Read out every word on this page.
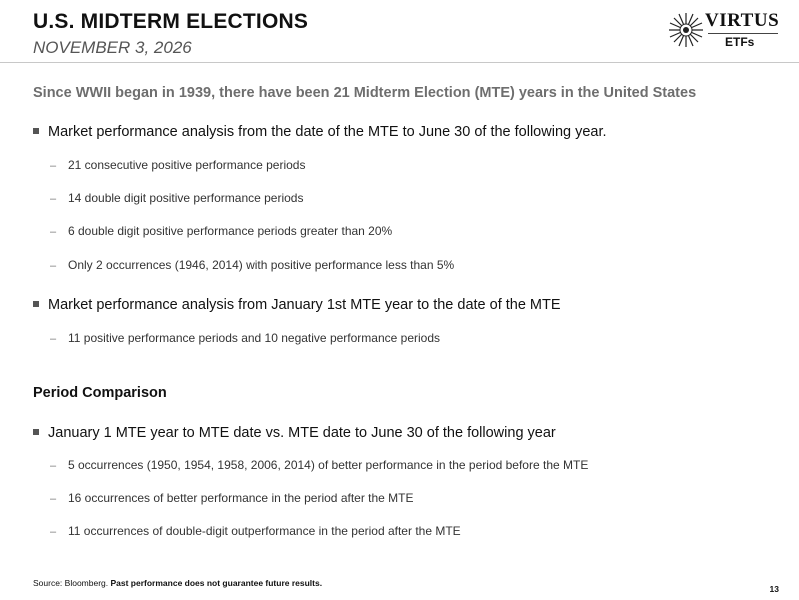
U.S. MIDTERM ELECTIONS
NOVEMBER 3, 2026
VIRTUS
ETFs
Since WWII began in 1939, there have been 21 Midterm Election (MTE) years in the United States
Market performance analysis from the date of the MTE to June 30 of the following year.
– 21 consecutive positive performance periods
– 14 double digit positive performance periods
– 6 double digit positive performance periods greater than 20%
– Only 2 occurrences (1946, 2014) with positive performance less than 5%
Market performance analysis from January 1st MTE year to the date of the MTE
– 11 positive performance periods and 10 negative performance periods
Period Comparison
January 1 MTE year to MTE date vs. MTE date to June 30 of the following year
– 5 occurrences (1950, 1954, 1958, 2006, 2014) of better performance in the period before the MTE
– 16 occurrences of better performance in the period after the MTE
– 11 occurrences of double-digit outperformance in the period after the MTE
Source: Bloomberg. Past performance does not guarantee future results.
13
